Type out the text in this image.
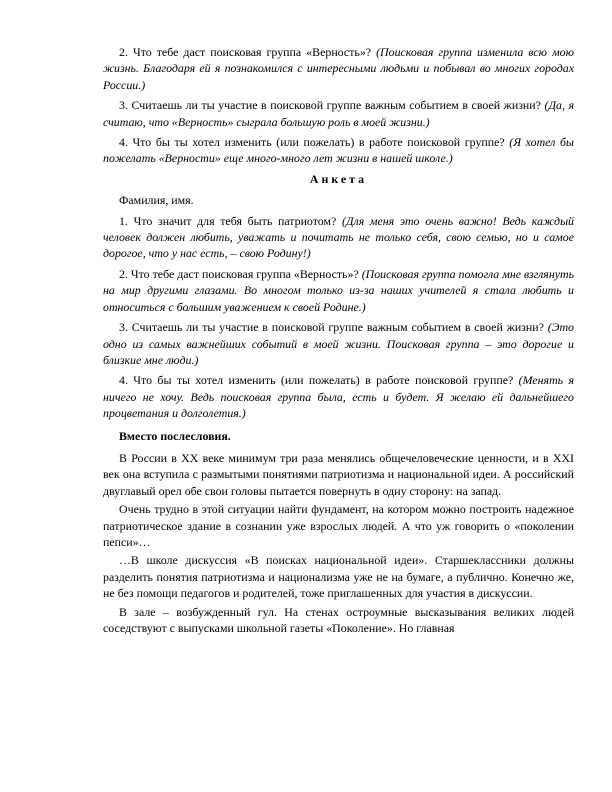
2. Что тебе даст поисковая группа «Верность»? (Поисковая группа изменила всю мою жизнь. Благодаря ей я познакомился с интересными людьми и побывал во многих городах России.)

3. Считаешь ли ты участие в поисковой группе важным событием в своей жизни? (Да, я считаю, что «Верность» сыграла большую роль в моей жизни.)

4. Что бы ты хотел изменить (или пожелать) в работе поисковой группе? (Я хотел бы пожелать «Верности» еще много-много лет жизни в нашей школе.)

Анкета

Фамилия, имя.

1. Что значит для тебя быть патриотом? (Для меня это очень важно! Ведь каждый человек должен любить, уважать и почитать не только себя, свою семью, но и самое дорогое, что у нас есть, – свою Родину!)

2. Что тебе даст поисковая группа «Верность»? (Поисковая группа помогла мне взглянуть на мир другими глазами. Во многом только из-за наших учителей я стала любить и относиться с большим уважением к своей Родине.)

3. Считаешь ли ты участие в поисковой группе важным событием в своей жизни? (Это одно из самых важнейших событий в моей жизни. Поисковая группа – это дорогие и близкие мне люди.)

4. Что бы ты хотел изменить (или пожелать) в работе поисковой группе? (Менять я ничего не хочу. Ведь поисковая группа была, есть и будет. Я желаю ей дальнейшего процветания и долголетия.)

Вместо послесловия.

В России в ХХ веке минимум три раза менялись общечеловеческие ценности, и в XXI век она вступила с размытыми понятиями патриотизма и национальной идеи. А российский двуглавый орел обе свои головы пытается повернуть в одну сторону: на запад.

Очень трудно в этой ситуации найти фундамент, на котором можно построить надежное патриотическое здание в сознании уже взрослых людей. А что уж говорить о «поколении пепси»…

…В школе дискуссия «В поисках национальной идеи». Старшеклассники должны разделить понятия патриотизма и национализма уже не на бумаге, а публично. Конечно же, не без помощи педагогов и родителей, тоже приглашенных для участия в дискуссии.

В зале – возбужденный гул. На стенах остроумные высказывания великих людей соседствуют с выпусками школьной газеты «Поколение». Но главная
